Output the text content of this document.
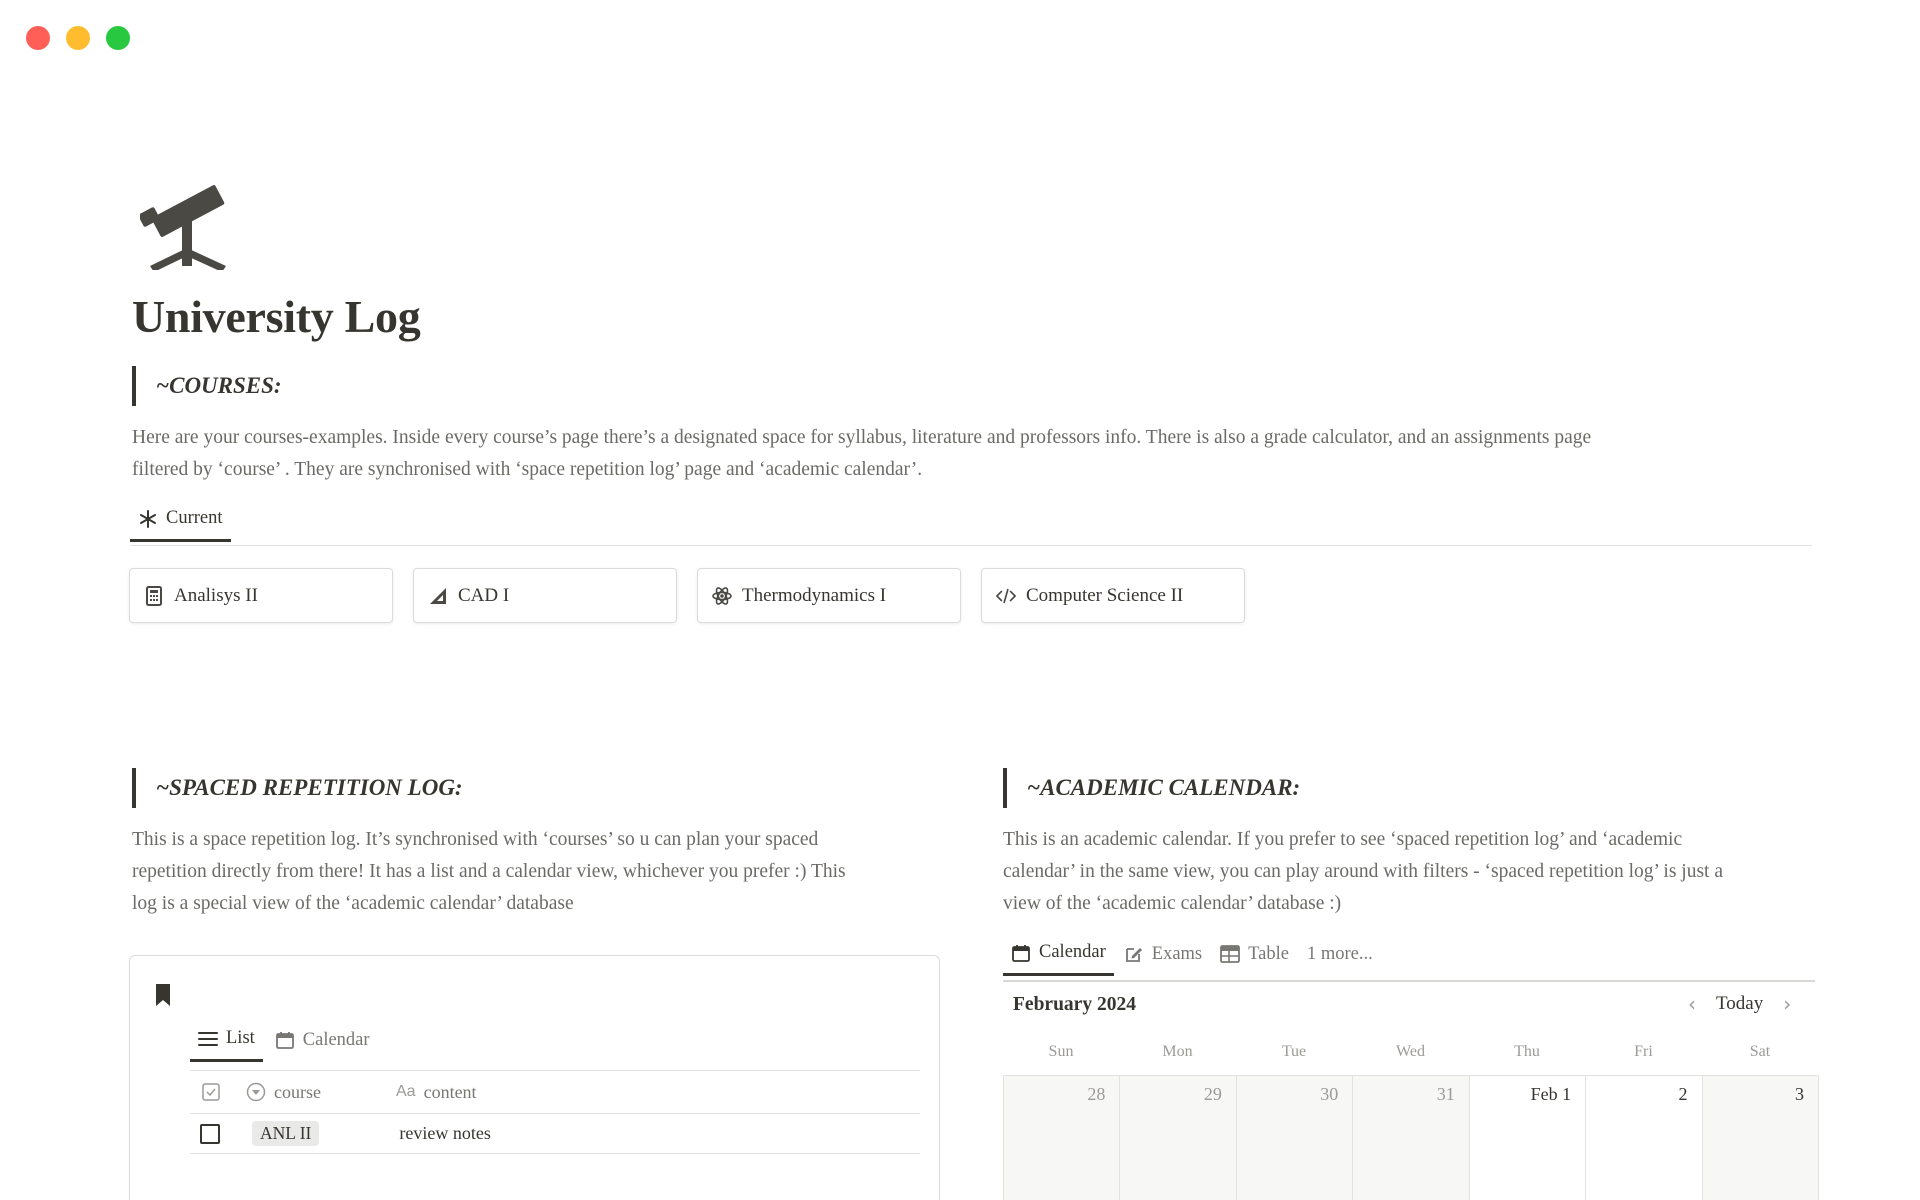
University Log
~COURSES:
Here are your courses-examples. Inside every course’s page there’s a designated space for syllabus, literature and professors info. There is also a grade calculator, and an assignments page
filtered by ‘course’ . They are synchronised with ‘space repetition log’ page and ‘academic calendar’.
Current
Analisys II	CAD I	Thermodynamics I	Computer Science II
~SPACED REPETITION LOG:
This is a space repetition log. It’s synchronised with ‘courses’ so u can plan your spaced
repetition directly from there! It has a list and a calendar view, whichever you prefer :) This
log is a special view of the ‘academic calendar’ database
List	Calendar
course	Aa content
ANL II	review notes
~ACADEMIC CALENDAR:
This is an academic calendar. If you prefer to see ‘spaced repetition log’ and ‘academic
calendar’ in the same view, you can play around with filters - ‘spaced repetition log’ is just a
view of the ‘academic calendar’ database :)
Calendar Exams Table 1 more...
February 2024	‹ Today ›
Sun	Mon	Tue	Wed	Thu	Fri	Sat
28	29	30	31	Feb 1	2	3
